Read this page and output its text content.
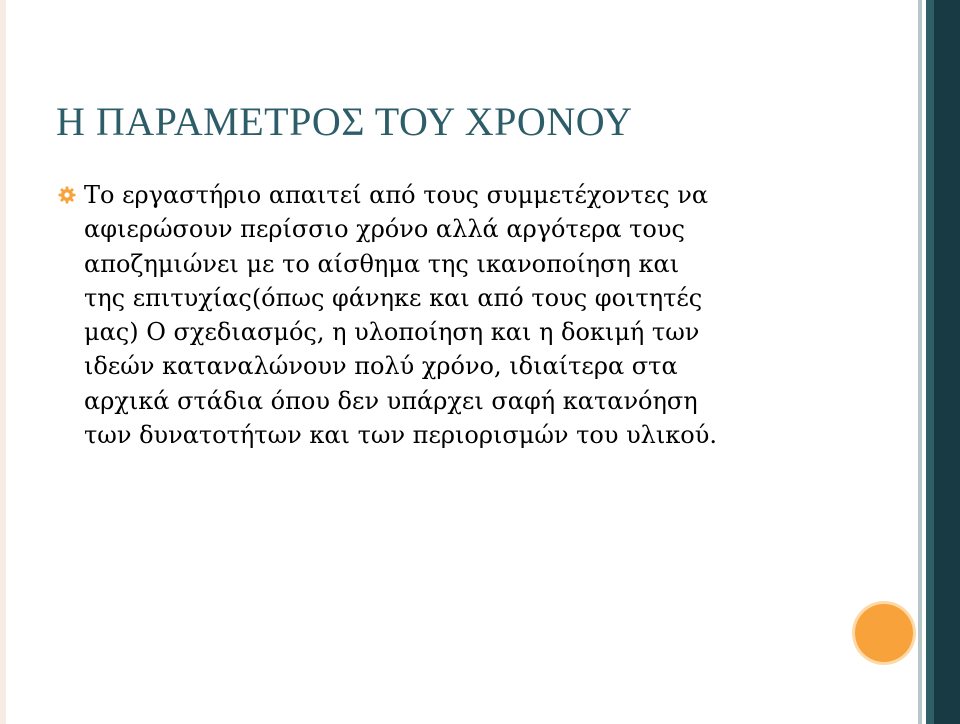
Η ΠΑΡΑΜΕΤΡΟΣ ΤΟΥ ΧΡΟΝΟΥ
Το εργαστήριο απαιτεί από τους συμμετέχοντες να
αφιερώσουν περίσσιο χρόνο αλλά αργότερα τους
αποζημιώνει με το αίσθημα της ικανοποίηση και
της επιτυχίας(όπως φάνηκε και από τους φοιτητές
μας) Ο σχεδιασμός, η υλοποίηση και η δοκιμή των
ιδεών καταναλώνουν πολύ χρόνο, ιδιαίτερα στα
αρχικά στάδια όπου δεν υπάρχει σαφή κατανόηση
των δυνατοτήτων και των περιορισμών του υλικού.
